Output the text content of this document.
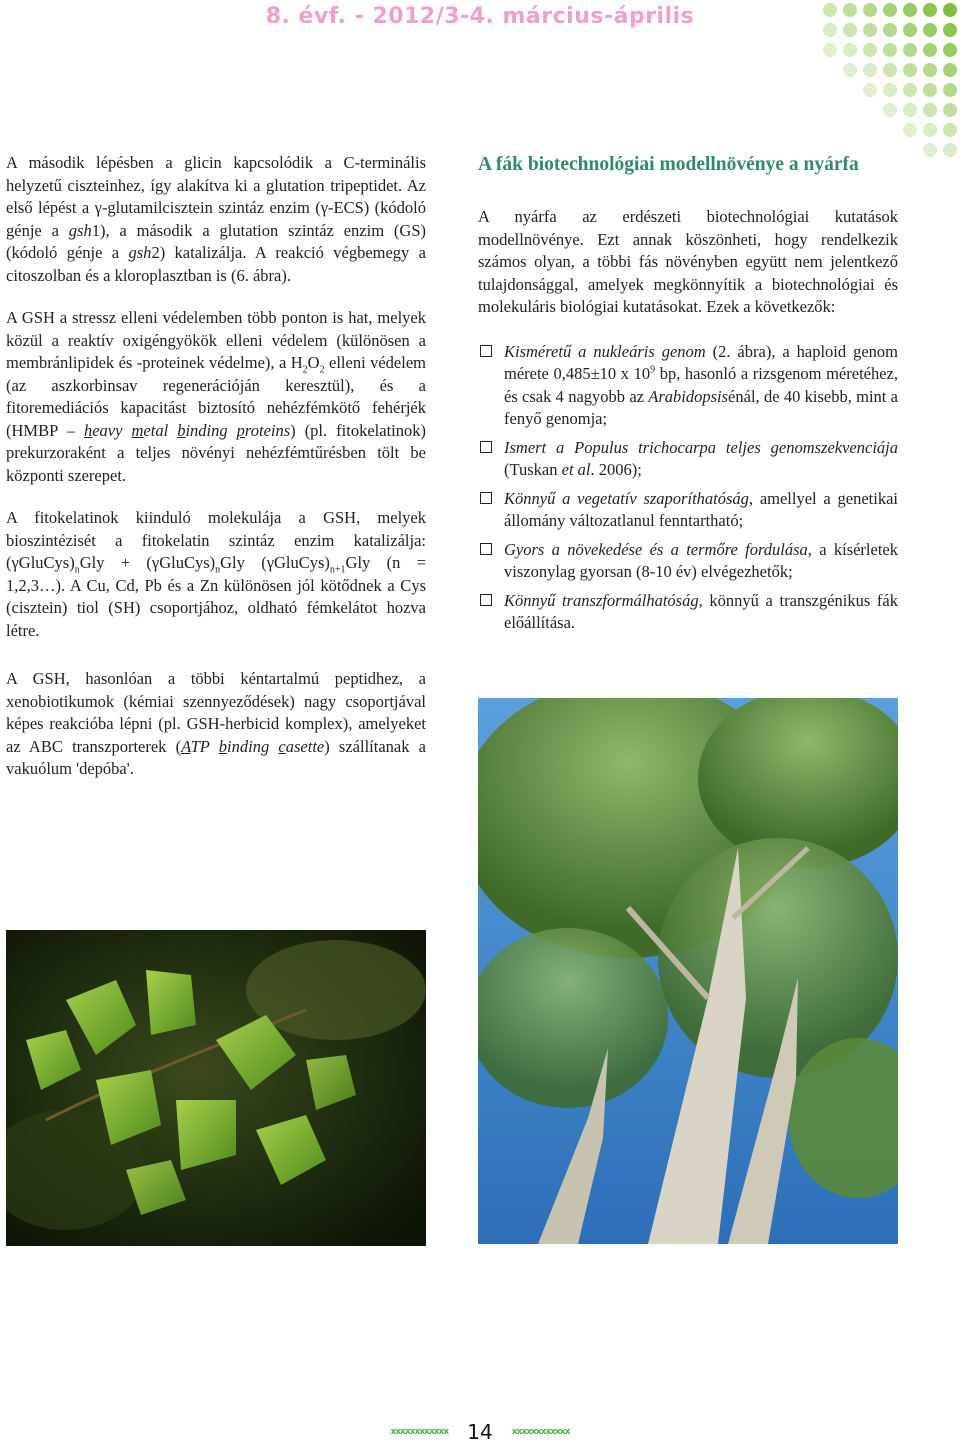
8. évf. - 2012/3-4. március-április

A második lépésben a glicin kapcsolódik a C-terminális helyzetű ciszteinhez, így alakítva ki a glutation tripeptidet. Az első lépést a γ-glutamilcisztein szintáz enzim (γ-ECS) (kódoló génje a gsh1), a második a glutation szintáz enzim (GS) (kódoló génje a gsh2) katalizálja. A reakció végbemegy a citoszolban és a kloroplasztban is (6. ábra).

A GSH a stressz elleni védelemben több ponton is hat, melyek közül a reaktív oxigéngyökök elleni védelem (különösen a membránlipidek és -proteinek védelme), a $H_2O_2$ elleni védelem (az aszkorbinsav regenerációján keresztül), és a fitoremediációs kapacitást biztosító nehézfémkötő fehérjék (HMBP – heavy metal binding proteins) (pl. fitokelatinok) prekurzoraként a teljes növényi nehézfémtűrésben tölt be központi szerepet.

A fitokelatinok kiinduló molekulája a GSH, melyek bioszintézisét a fitokelatin szintáz enzim katalizálja: $(\gamma GluCys)_nGly$ + $(\gamma GluCys)_nGly$ $(\gamma GluCys)_{n+1}Gly$ (n = 1,2,3…). A Cu, Cd, Pb és a Zn különösen jól kötődnek a Cys (cisztein) tiol (SH) csoportjához, oldható fémkelátot hozva létre.

A GSH, hasonlóan a többi kéntartalmú peptidhez, a xenobiotikumok (kémiai szennyeződések) nagy csoportjával képes reakcióba lépni (pl. GSH-herbicid komplex), amelyeket az ABC transzporterek (ATP binding casette) szállítanak a vakuólum 'depóba'.

A fák biotechnológiai modellnövénye a nyárfa

A nyárfa az erdészeti biotechnológiai kutatások modellnövénye. Ezt annak köszönheti, hogy rendelkezik számos olyan, a többi fás növényben együtt nem jelentkező tulajdonsággal, amelyek megkönnyítik a biotechnológiai és molekuláris biológiai kutatásokat. Ezek a következők:

Kisméretű a nukleáris genom (2. ábra), a haploid genom mérete 0,485±10 x $10^9$ bp, hasonló a rizsgenom méretéhez, és csak 4 nagyobb az Arabidopsisénál, de 40 kisebb, mint a fenyő genomja;
Ismert a Populus trichocarpa teljes genomszekvenciája (Tuskan et al. 2006);
Könnyű a vegetatív szaporíthatóság, amellyel a genetikai állomány változatlanul fenntartható;
Gyors a növekedése és a termőre fordulása, a kísérletek viszonylag gyorsan (8-10 év) elvégezhetők;
Könnyű transzformálhatóság, könnyű a transzgénikus fák előállítása.
xxxxxxxxxxxx 14 xxxxxxxxxxxx
